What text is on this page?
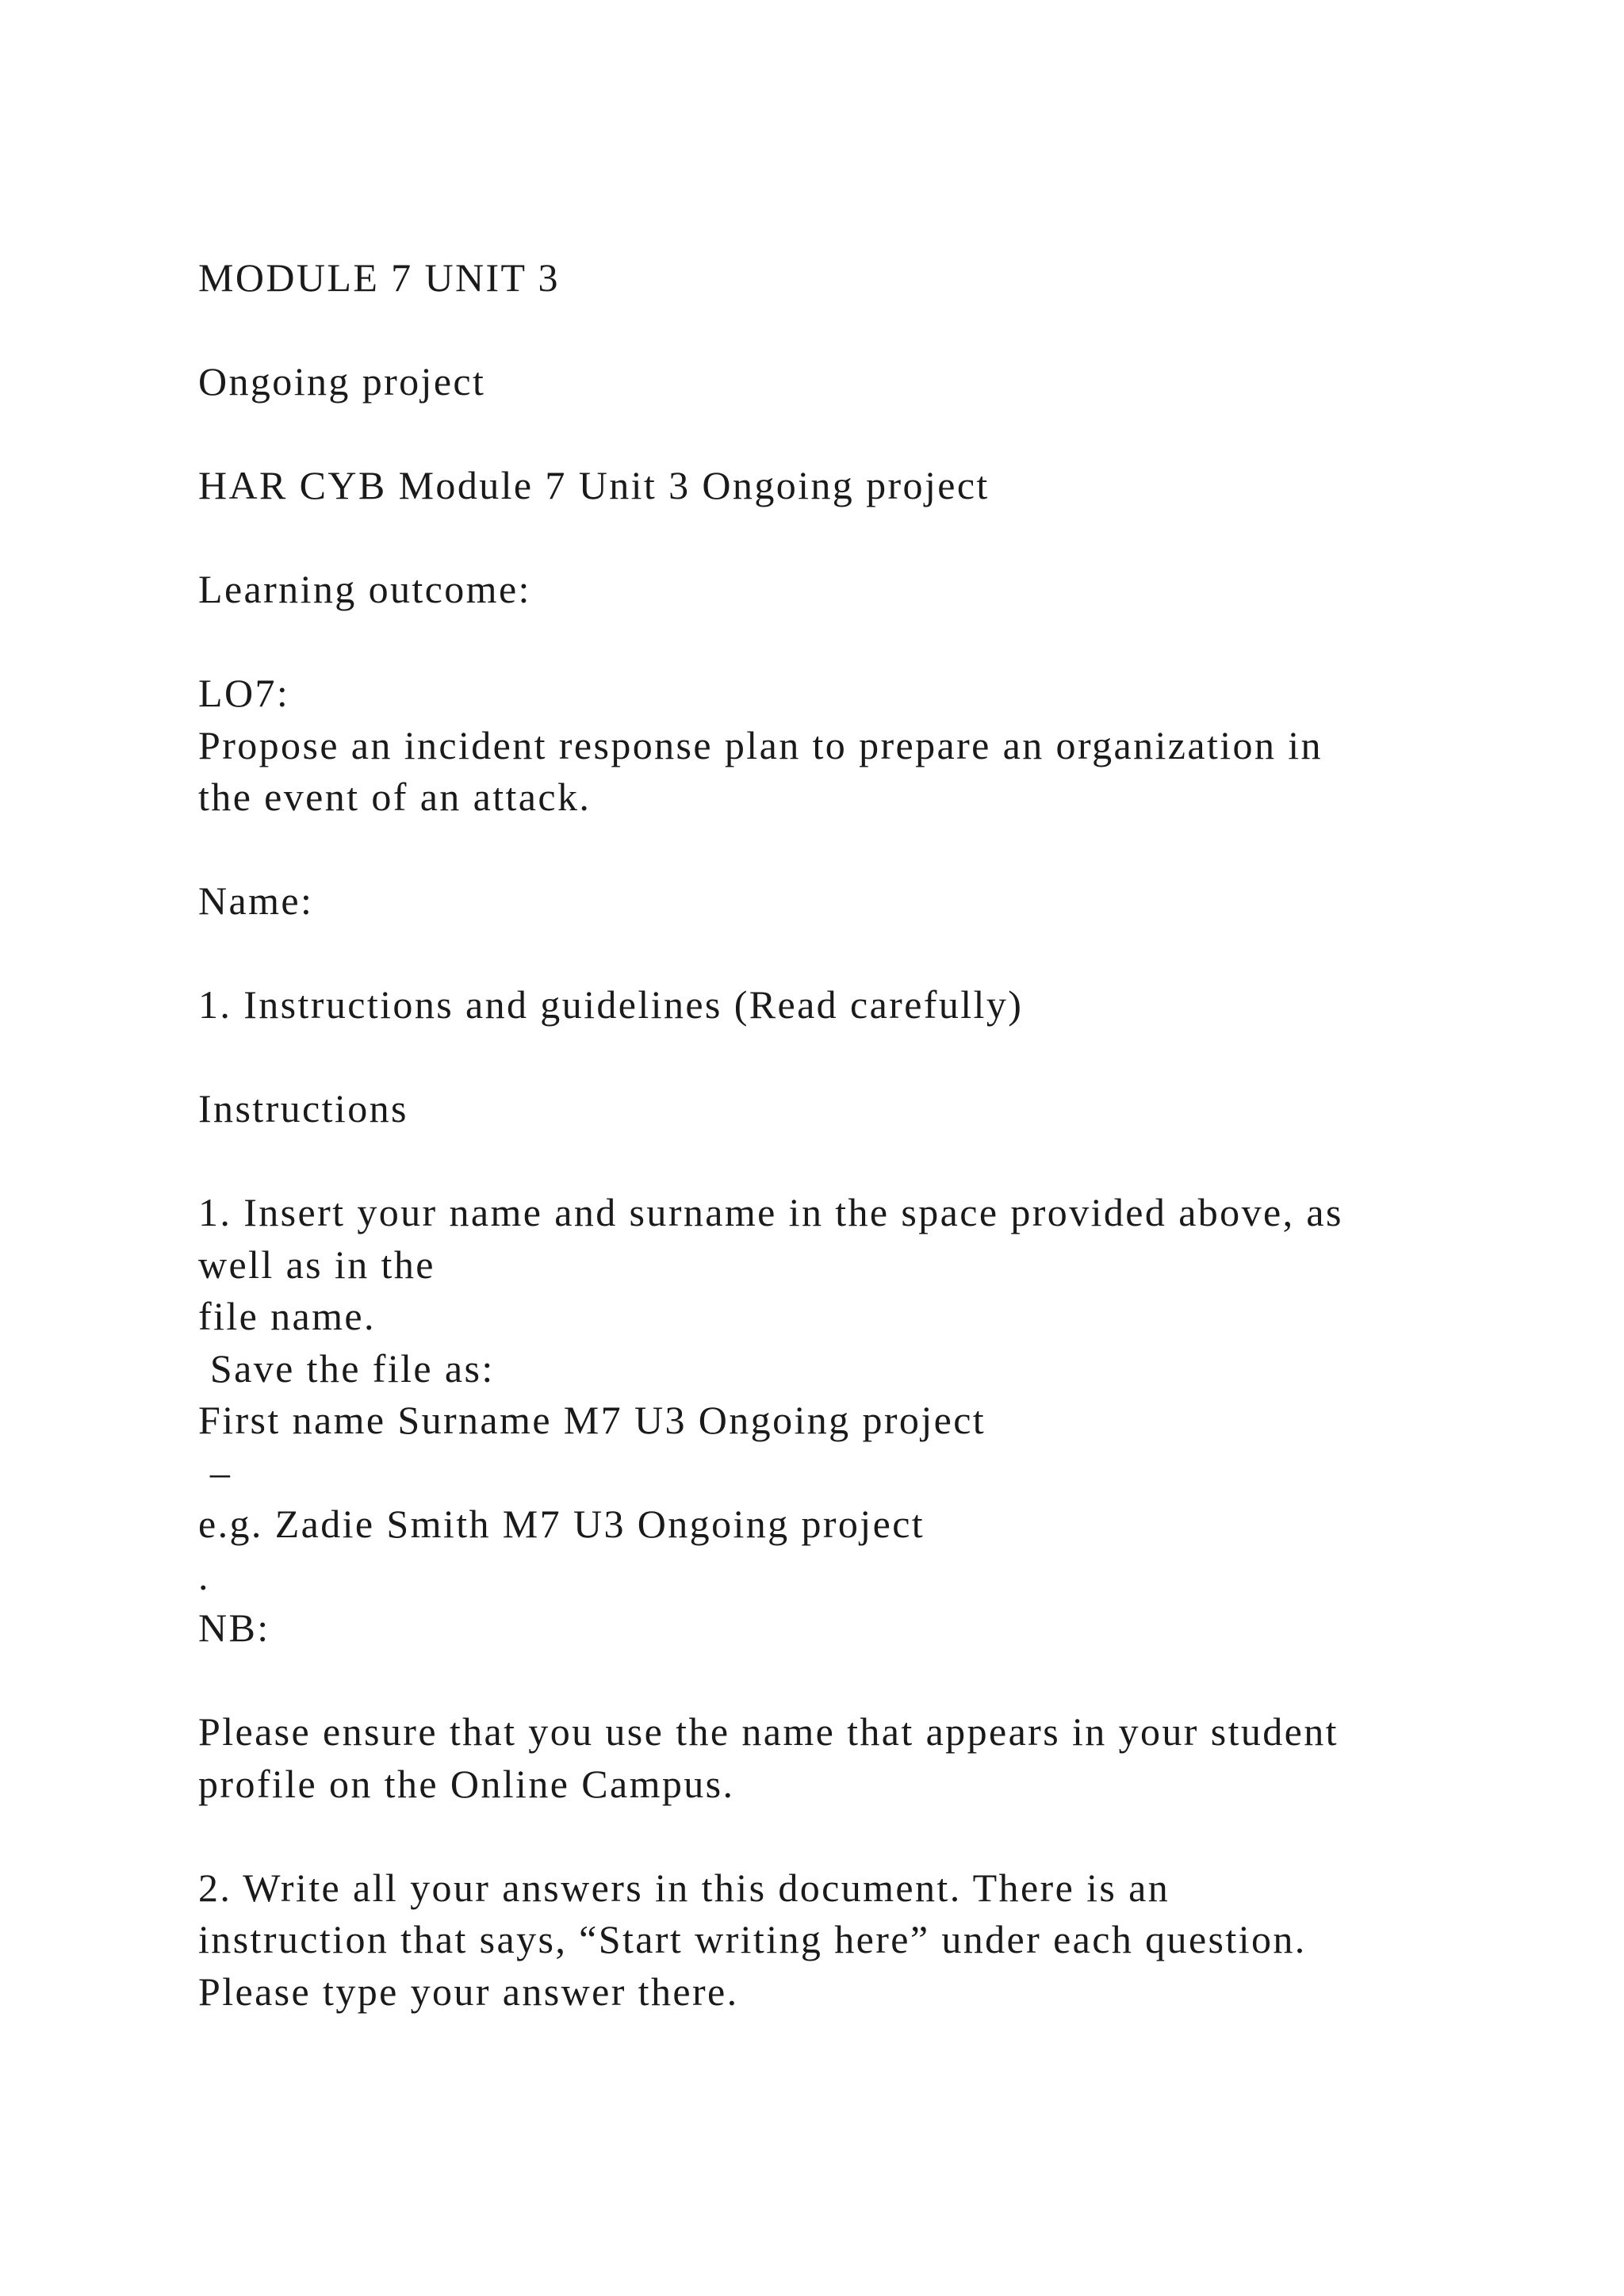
MODULE 7 UNIT 3
Ongoing project
HAR CYB Module 7 Unit 3 Ongoing project
Learning outcome:
LO7:
Propose an incident response plan to prepare an organization in
the event of an attack.
Name:
1. Instructions and guidelines (Read carefully)
Instructions
1. Insert your name and surname in the space provided above, as
well as in the
file name.
Save the file as:
First name Surname M7 U3 Ongoing project
–
e.g. Zadie Smith M7 U3 Ongoing project
.
NB:
Please ensure that you use the name that appears in your student
profile on the Online Campus.
2. Write all your answers in this document. There is an
instruction that says, “Start writing here” under each question.
Please type your answer there.
